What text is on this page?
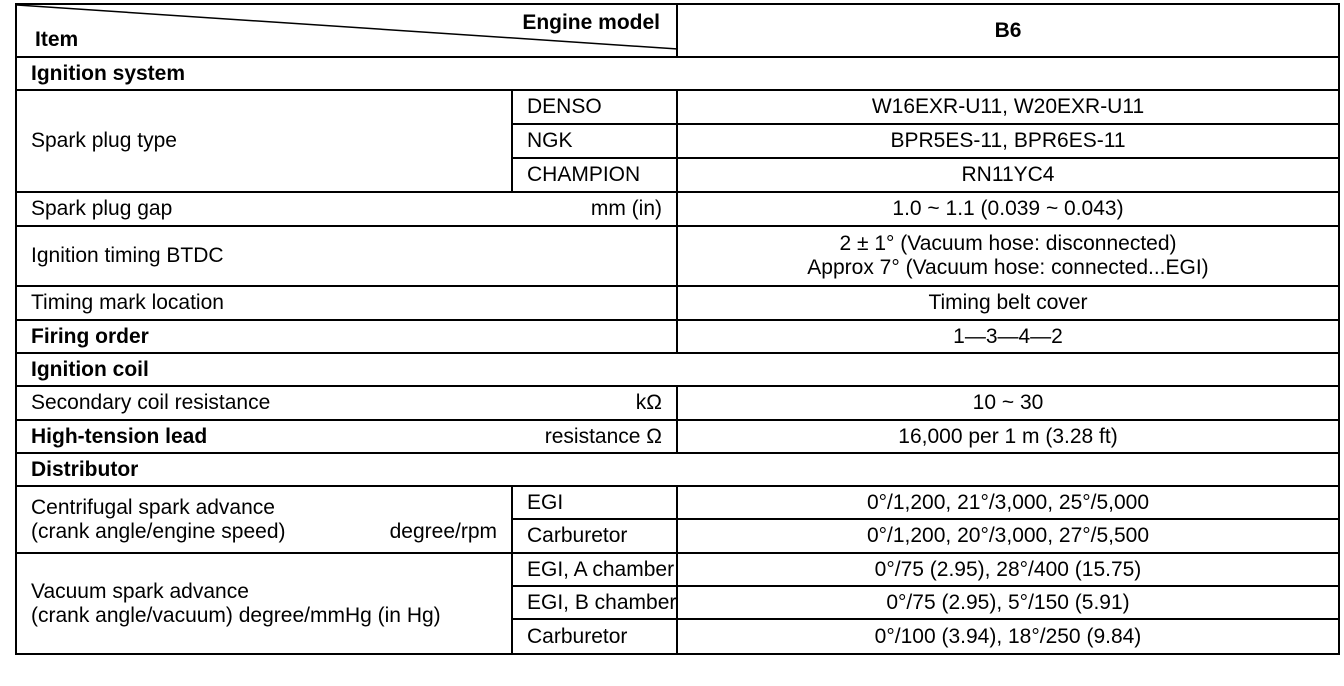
Engine model
Item		B6
Ignition system		
Spark plug type	DENSO	W16EXR-U11, W20EXR-U11
	NGK	BPR5ES-11, BPR6ES-11
	CHAMPION	RN11YC4

Spark plug gap mm (in)		1.0 ~ 1.1 (0.039 ~ 0.043)
Ignition timing BTDC		2 ± 1° (Vacuum hose: disconnected)
Approx 7° (Vacuum hose: connected...EGI)

Timing mark location		Timing belt cover
Firing order		1—3—4—2
Ignition coil		

Secondary coil resistance kΩ		10 ~ 30

High-tension lead resistance Ω		16,000 per 1 m (3.28 ft)
Distributor		

Centrifugal spark advance
(crank angle/engine speed) degree/rpm	EGI	0°/1,200, 21°/3,000, 25°/5,000
	Carburetor	0°/1,200, 20°/3,000, 27°/5,500

Vacuum spark advance
(crank angle/vacuum) degree/mmHg (in Hg)	EGI, A chamber	0°/75 (2.95), 28°/400 (15.75)
	EGI, B chamber	0°/75 (2.95), 5°/150 (5.91)
	Carburetor	0°/100 (3.94), 18°/250 (9.84)
